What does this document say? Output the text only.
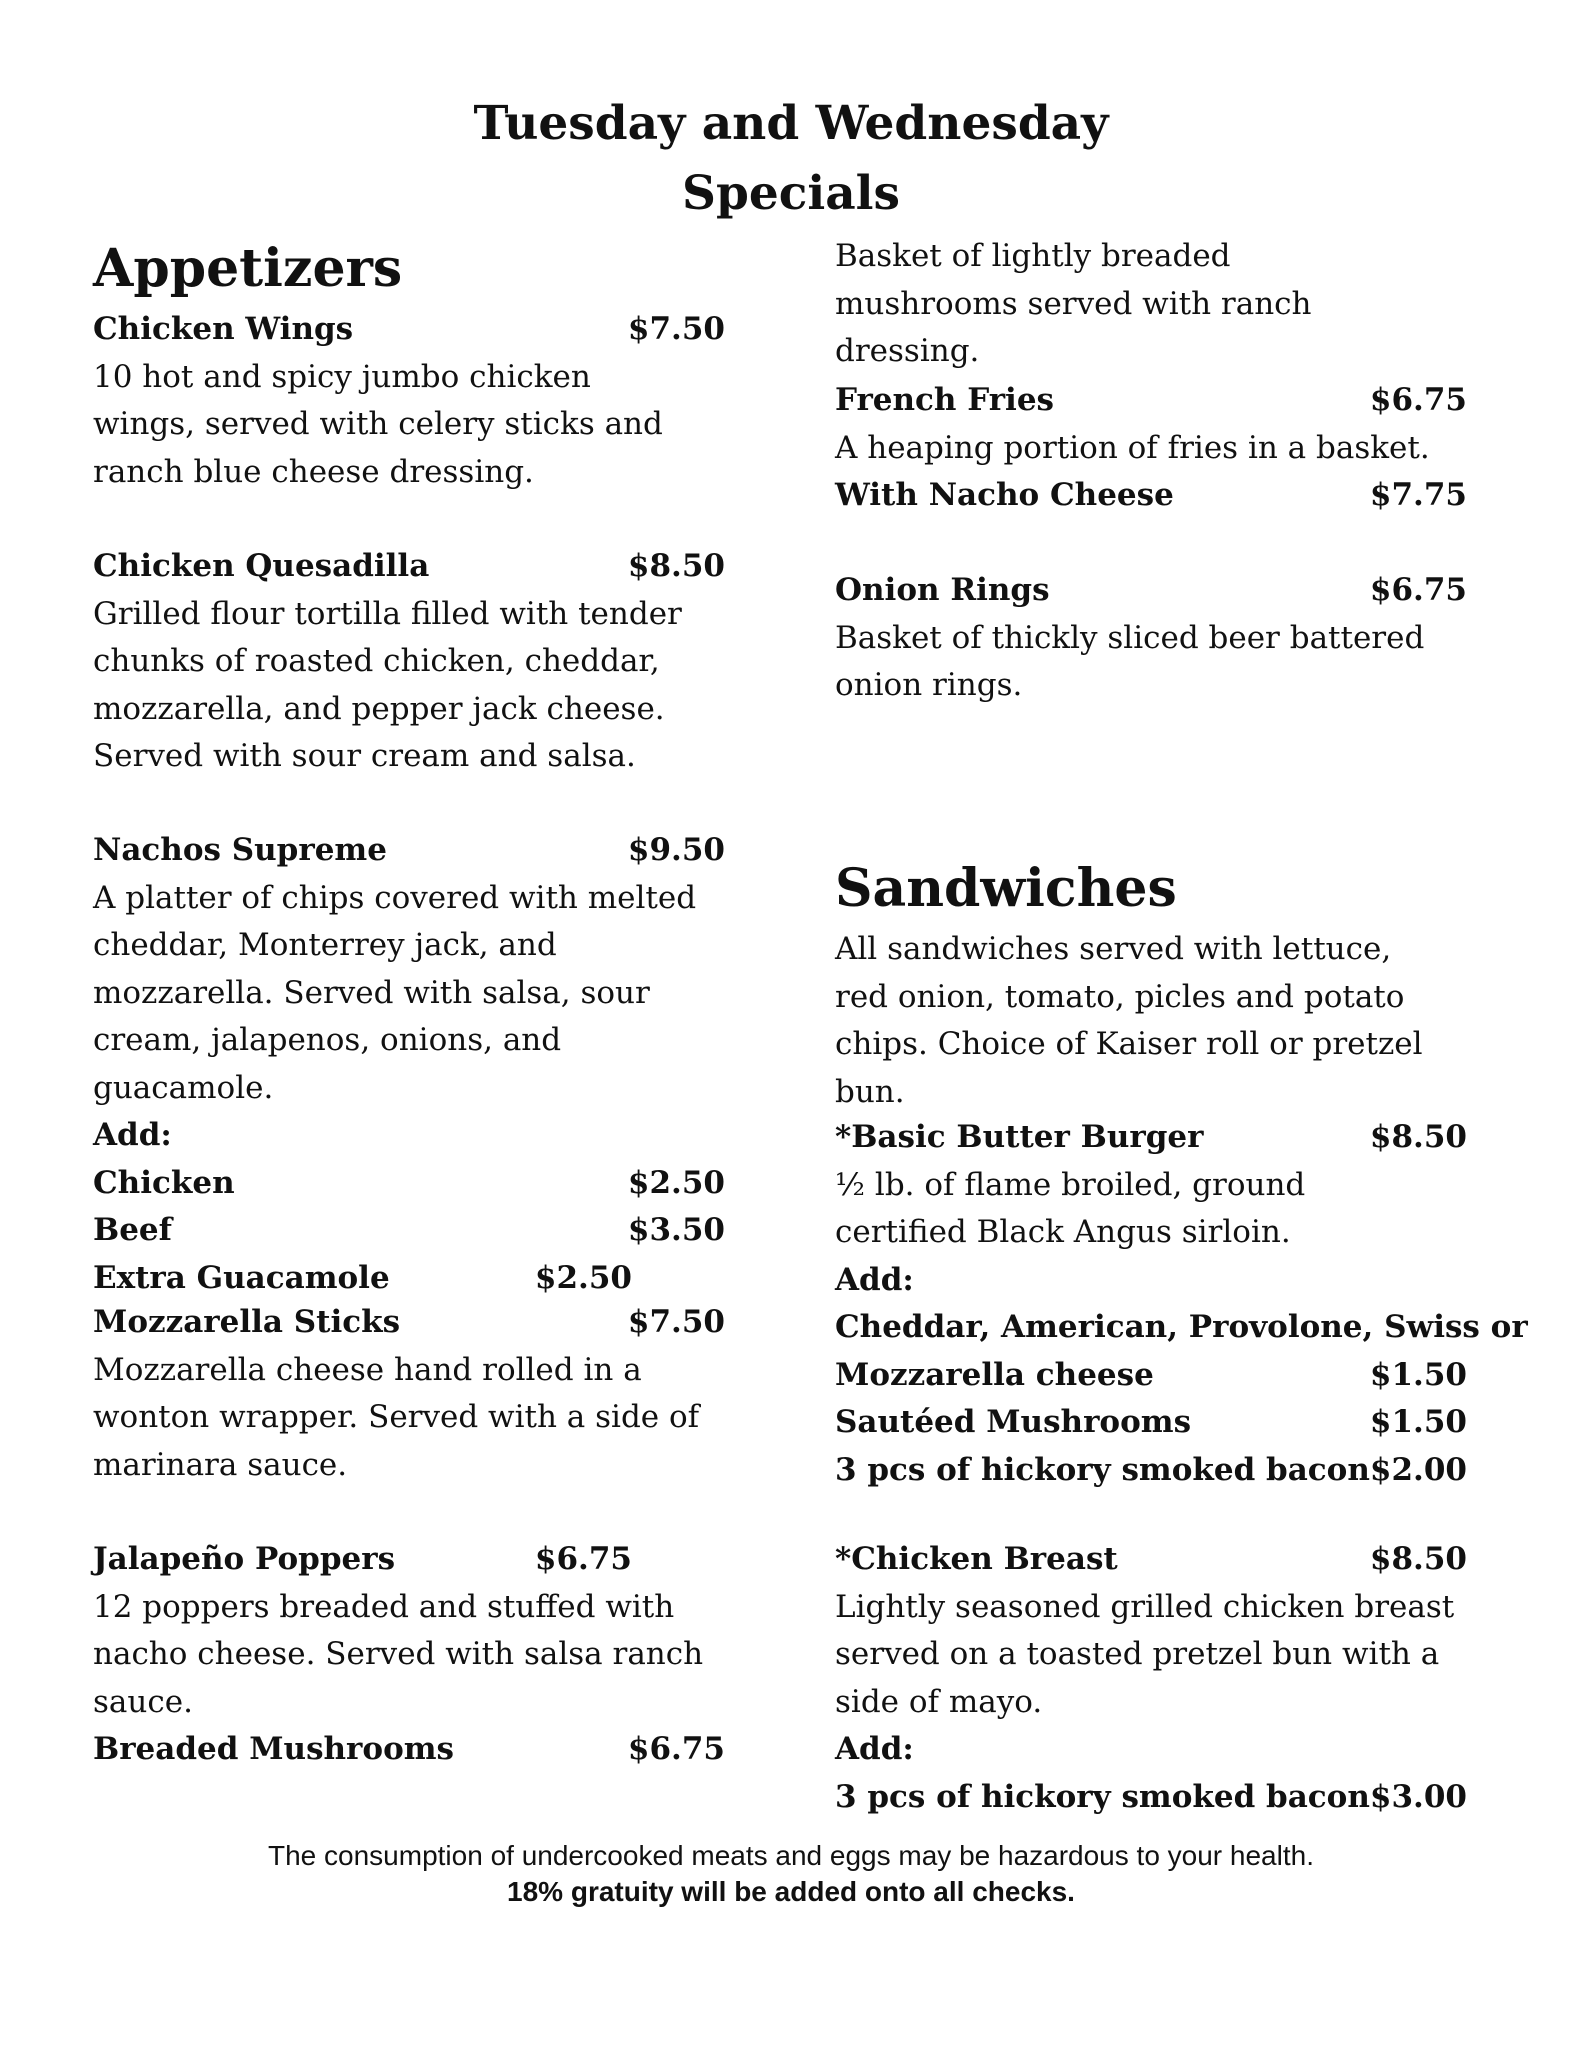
Tuesday and Wednesday
Specials
Appetizers
Chicken Wings	$7.50

10 hot and spicy jumbo chicken wings, served with celery sticks and ranch blue cheese dressing.

Chicken Quesadilla	$8.50

Grilled flour tortilla filled with tender chunks of roasted chicken, cheddar, mozzarella, and pepper jack cheese. Served with sour cream and salsa.

Nachos Supreme	$9.50

A platter of chips covered with melted cheddar, Monterrey jack, and mozzarella. Served with salsa, sour cream, jalapenos, onions, and guacamole.

Add:
Chicken	$2.50
Beef	$3.50
Extra Guacamole	$2.50
Mozzarella Sticks	$7.50

Mozzarella cheese hand rolled in a wonton wrapper. Served with a side of marinara sauce.

Jalapeño Poppers	$6.75

12 poppers breaded and stuffed with nacho cheese. Served with salsa ranch sauce.

Breaded Mushrooms	$6.75

Basket of lightly breaded mushrooms served with ranch dressing.

French Fries	$6.75

A heaping portion of fries in a basket.

With Nacho Cheese	$7.75
Onion Rings	$6.75

Basket of thickly sliced beer battered onion rings.

Sandwiches

All sandwiches served with lettuce, red onion, tomato, picles and potato chips. Choice of Kaiser roll or pretzel bun.

*Basic Butter Burger	$8.50

½ lb. of flame broiled, ground certified Black Angus sirloin.

Add:
Cheddar, American, Provolone, Swiss or
Mozzarella cheese	$1.50
Sautéed Mushrooms	$1.50
3 pcs of hickory smoked bacon $2.00
*Chicken Breast	$8.50

Lightly seasoned grilled chicken breast served on a toasted pretzel bun with a side of mayo.

Add:
3 pcs of hickory smoked bacon $3.00
The consumption of undercooked meats and eggs may be hazardous to your health.
18% gratuity will be added onto all checks.
